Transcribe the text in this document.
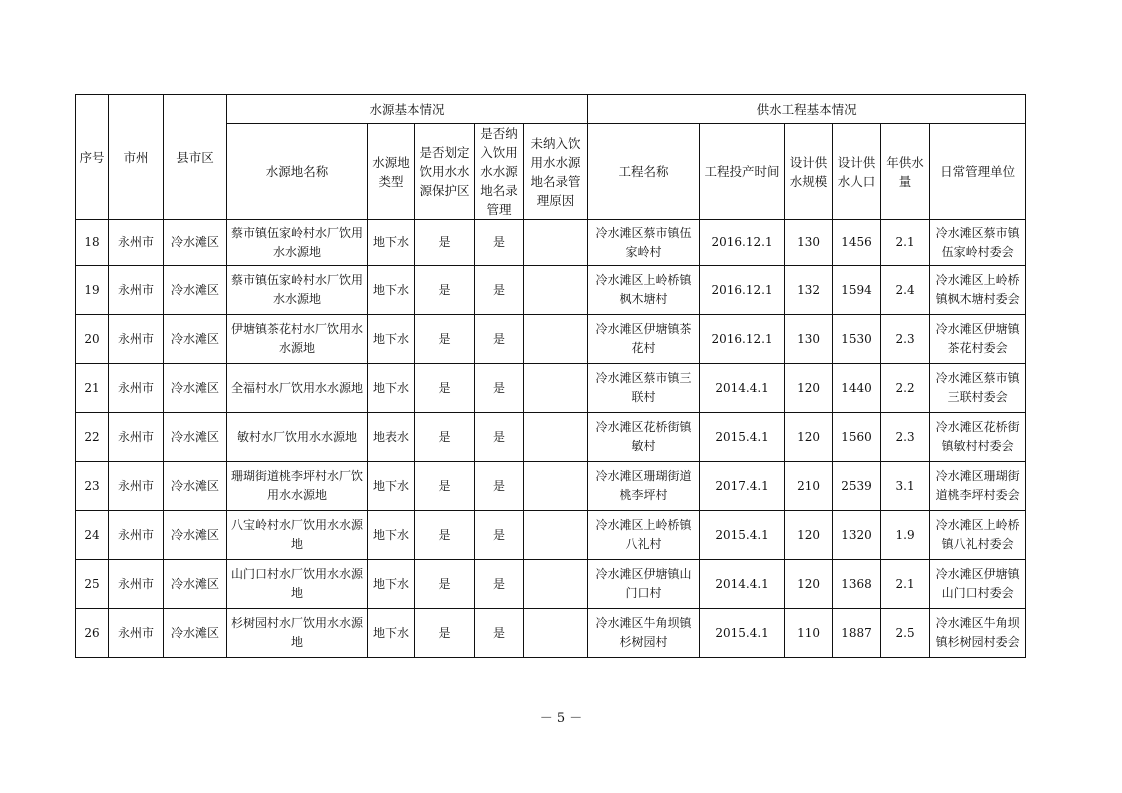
序号	市州	县市区	水源基本情况					供水工程基本情况					
			水源地名称	水源地类型	是否划定饮用水水源保护区	是否纳入饮用水水源地名录管理	未纳入饮用水水源地名录管理原因	工程名称	工程投产时间	设计供水规模	设计供水人口	年供水量	日常管理单位
18	永州市	冷水滩区	蔡市镇伍家岭村水厂饮用水水源地	地下水	是	是		冷水滩区蔡市镇伍家岭村	2016.12.1	130	1456	2.1	冷水滩区蔡市镇伍家岭村委会
19	永州市	冷水滩区	蔡市镇伍家岭村水厂饮用水水源地	地下水	是	是		冷水滩区上岭桥镇枫木塘村	2016.12.1	132	1594	2.4	冷水滩区上岭桥镇枫木塘村委会
20	永州市	冷水滩区	伊塘镇茶花村水厂饮用水水源地	地下水	是	是		冷水滩区伊塘镇茶花村	2016.12.1	130	1530	2.3	冷水滩区伊塘镇茶花村委会
21	永州市	冷水滩区	全福村水厂饮用水水源地	地下水	是	是		冷水滩区蔡市镇三联村	2014.4.1	120	1440	2.2	冷水滩区蔡市镇三联村委会
22	永州市	冷水滩区	敏村水厂饮用水水源地	地表水	是	是		冷水滩区花桥街镇敏村	2015.4.1	120	1560	2.3	冷水滩区花桥街镇敏村村委会
23	永州市	冷水滩区	珊瑚街道桃李坪村水厂饮用水水源地	地下水	是	是		冷水滩区珊瑚街道桃李坪村	2017.4.1	210	2539	3.1	冷水滩区珊瑚街道桃李坪村委会
24	永州市	冷水滩区	八宝岭村水厂饮用水水源地	地下水	是	是		冷水滩区上岭桥镇八礼村	2015.4.1	120	1320	1.9	冷水滩区上岭桥镇八礼村委会
25	永州市	冷水滩区	山门口村水厂饮用水水源地	地下水	是	是		冷水滩区伊塘镇山门口村	2014.4.1	120	1368	2.1	冷水滩区伊塘镇山门口村委会
26	永州市	冷水滩区	杉树园村水厂饮用水水源地	地下水	是	是		冷水滩区牛角坝镇杉树园村	2015.4.1	110	1887	2.5	冷水滩区牛角坝镇杉树园村委会
－ 5 －
